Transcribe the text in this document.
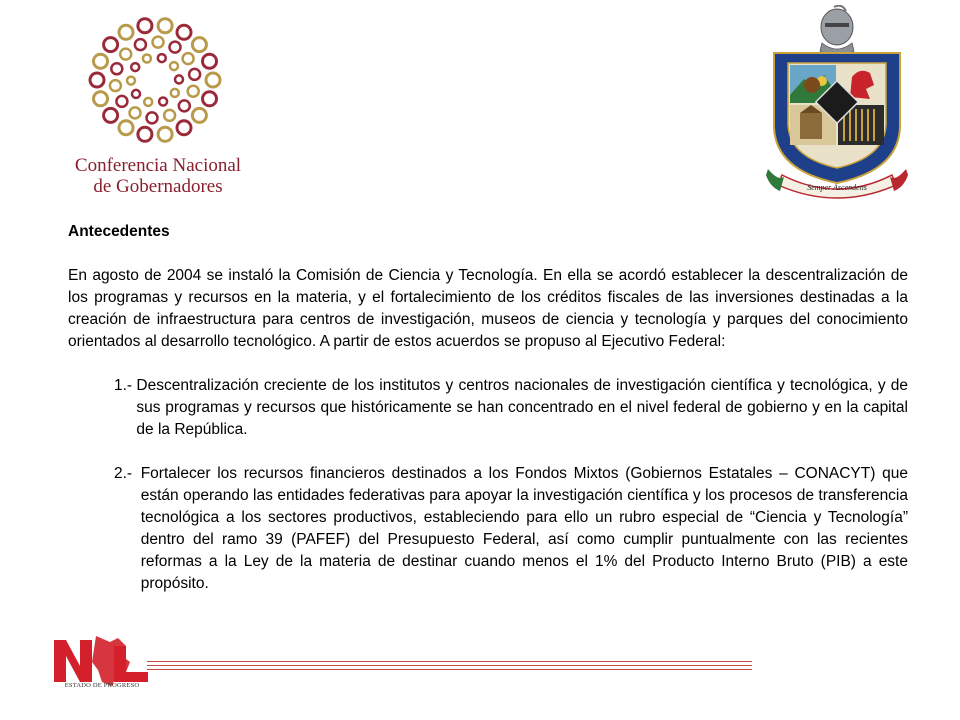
Conferencia Nacional
de Gobernadores	Semper Ascendens

Antecedentes

En agosto de 2004 se instaló la Comisión de Ciencia y Tecnología. En ella se acordó establecer la descentralización de los programas y recursos en la materia, y el fortalecimiento de los créditos fiscales de las inversiones destinadas a la creación de infraestructura para centros de investigación, museos de ciencia y tecnología y parques del conocimiento orientados al desarrollo tecnológico. A partir de estos acuerdos se propuso al Ejecutivo Federal:

1.- Descentralización creciente de los institutos y centros nacionales de investigación científica y tecnológica, y de sus programas y recursos que históricamente se han concentrado en el nivel federal de gobierno y en la capital de la República.
2.- Fortalecer los recursos financieros destinados a los Fondos Mixtos (Gobiernos Estatales – CONACYT) que están operando las entidades federativas para apoyar la investigación científica y los procesos de transferencia tecnológica a los sectores productivos, estableciendo para ello un rubro especial de “Ciencia y Tecnología” dentro del ramo 39 (PAFEF) del Presupuesto Federal, así como cumplir puntualmente con las recientes reformas a la Ley de la materia de destinar cuando menos el 1% del Producto Interno Bruto (PIB) a este propósito.
ESTADO DE PROGRESO
